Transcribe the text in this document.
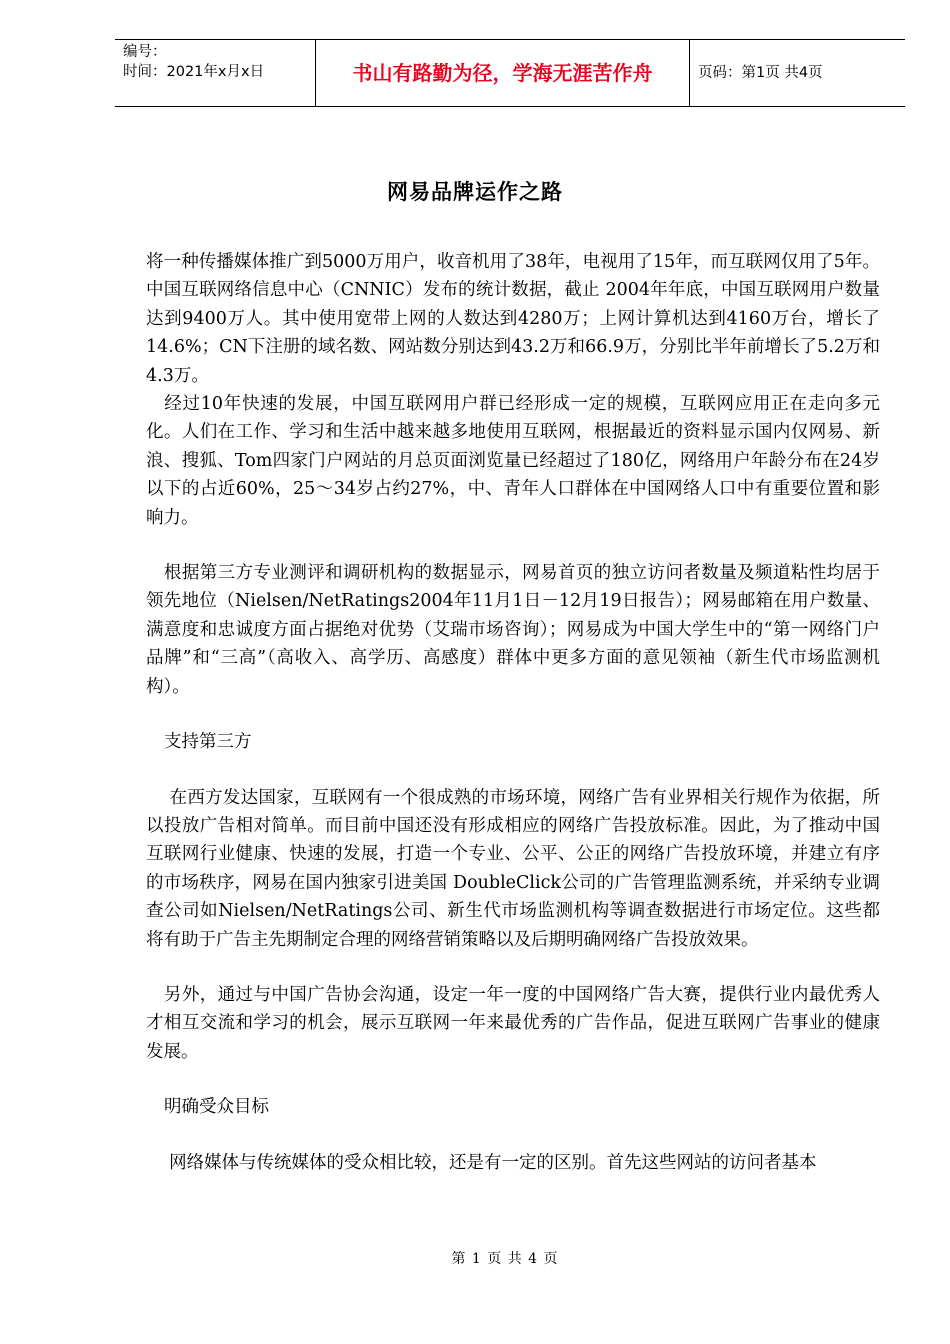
编号：
时间：2021年x月x日	书山有路勤为径，学海无涯苦作舟	页码：第1页 共4页
网易品牌运作之路

将一种传播媒体推广到5000万用户，收音机用了38年，电视用了15年，而互联网仅用了5年。中国互联网络信息中心（CNNIC）发布的统计数据，截止 2004年年底，中国互联网用户数量达到9400万人。其中使用宽带上网的人数达到4280万；上网计算机达到4160万台，增长了14.6%；CN下注册的域名数、网站数分别达到43.2万和66.9万，分别比半年前增长了5.2万和4.3万。

　经过10年快速的发展，中国互联网用户群已经形成一定的规模，互联网应用正在走向多元化。人们在工作、学习和生活中越来越多地使用互联网，根据最近的资料显示国内仅网易、新浪、搜狐、Tom四家门户网站的月总页面浏览量已经超过了180亿，网络用户年龄分布在24岁以下的占近60%，25～34岁占约27%，中、青年人口群体在中国网络人口中有重要位置和影响力。

　根据第三方专业测评和调研机构的数据显示，网易首页的独立访问者数量及频道粘性均居于领先地位（Nielsen/NetRatings2004年11月1日－12月19日报告）；网易邮箱在用户数量、满意度和忠诚度方面占据绝对优势（艾瑞市场咨询）；网易成为中国大学生中的“第一网络门户品牌”和“三高”（高收入、高学历、高感度）群体中更多方面的意见领袖（新生代市场监测机构）。

支持第三方

　 在西方发达国家，互联网有一个很成熟的市场环境，网络广告有业界相关行规作为依据，所以投放广告相对简单。而目前中国还没有形成相应的网络广告投放标准。因此，为了推动中国互联网行业健康、快速的发展，打造一个专业、公平、公正的网络广告投放环境，并建立有序的市场秩序，网易在国内独家引进美国 DoubleClick公司的广告管理监测系统，并采纳专业调查公司如Nielsen/NetRatings公司、新生代市场监测机构等调查数据进行市场定位。这些都将有助于广告主先期制定合理的网络营销策略以及后期明确网络广告投放效果。

　另外，通过与中国广告协会沟通，设定一年一度的中国网络广告大赛，提供行业内最优秀人才相互交流和学习的机会，展示互联网一年来最优秀的广告作品，促进互联网广告事业的健康发展。

明确受众目标

　 网络媒体与传统媒体的受众相比较，还是有一定的区别。首先这些网站的访问者基本

第 1 页 共 4 页
